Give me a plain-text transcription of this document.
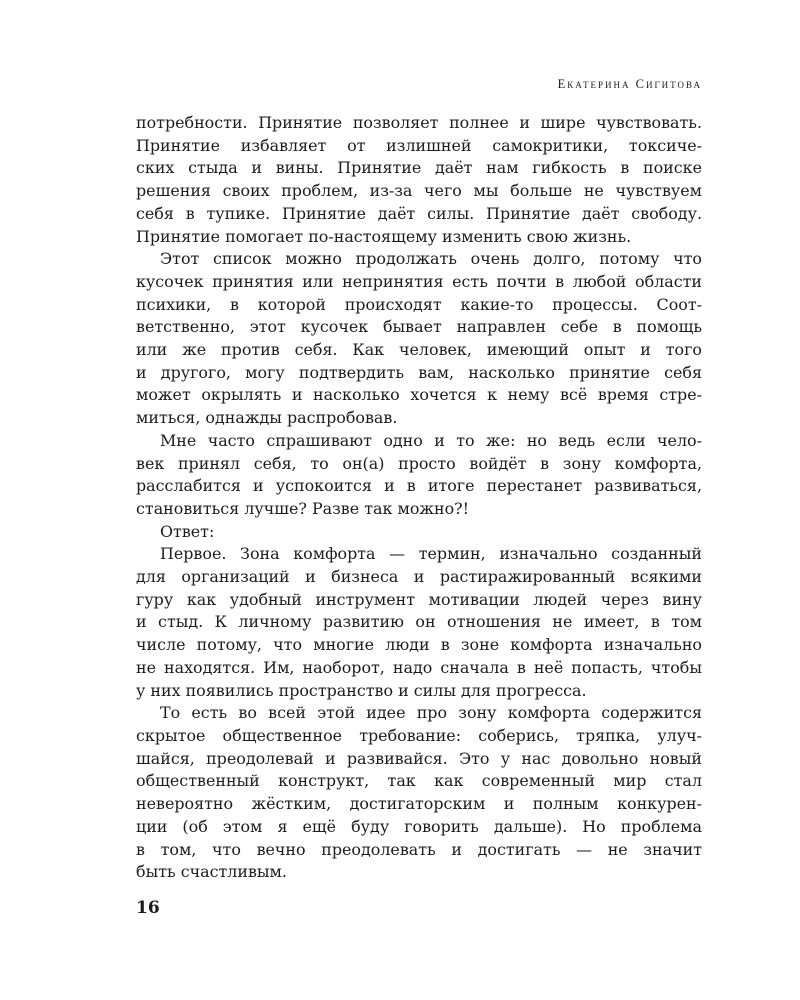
Екатерина Сигитова
потребности. Принятие позволяет полнее и шире чувствовать.
Принятие избавляет от излишней самокритики, токсиче-
ских стыда и вины. Принятие даёт нам гибкость в поиске
решения своих проблем, из-за чего мы больше не чувствуем
себя в тупике. Принятие даёт силы. Принятие даёт свободу.
Принятие помогает по-настоящему изменить свою жизнь.
Этот список можно продолжать очень долго, потому что
кусочек принятия или непринятия есть почти в любой области
психики, в которой происходят какие-то процессы. Соот-
ветственно, этот кусочек бывает направлен себе в помощь
или же против себя. Как человек, имеющий опыт и того
и другого, могу подтвердить вам, насколько принятие себя
может окрылять и насколько хочется к нему всё время стре-
миться, однажды распробовав.
Мне часто спрашивают одно и то же: но ведь если чело-
век принял себя, то он(а) просто войдёт в зону комфорта,
расслабится и успокоится и в итоге перестанет развиваться,
становиться лучше? Разве так можно?!
Ответ:
Первое. Зона комфорта — термин, изначально созданный
для организаций и бизнеса и растиражированный всякими
гуру как удобный инструмент мотивации людей через вину
и стыд. К личному развитию он отношения не имеет, в том
числе потому, что многие люди в зоне комфорта изначально
не находятся. Им, наоборот, надо сначала в неё попасть, чтобы
у них появились пространство и силы для прогресса.
То есть во всей этой идее про зону комфорта содержится
скрытое общественное требование: соберись, тряпка, улуч-
шайся, преодолевай и развивайся. Это у нас довольно новый
общественный конструкт, так как современный мир стал
невероятно жёстким, достигаторским и полным конкурен-
ции (об этом я ещё буду говорить дальше). Но проблема
в том, что вечно преодолевать и достигать — не значит
быть счастливым.
16
